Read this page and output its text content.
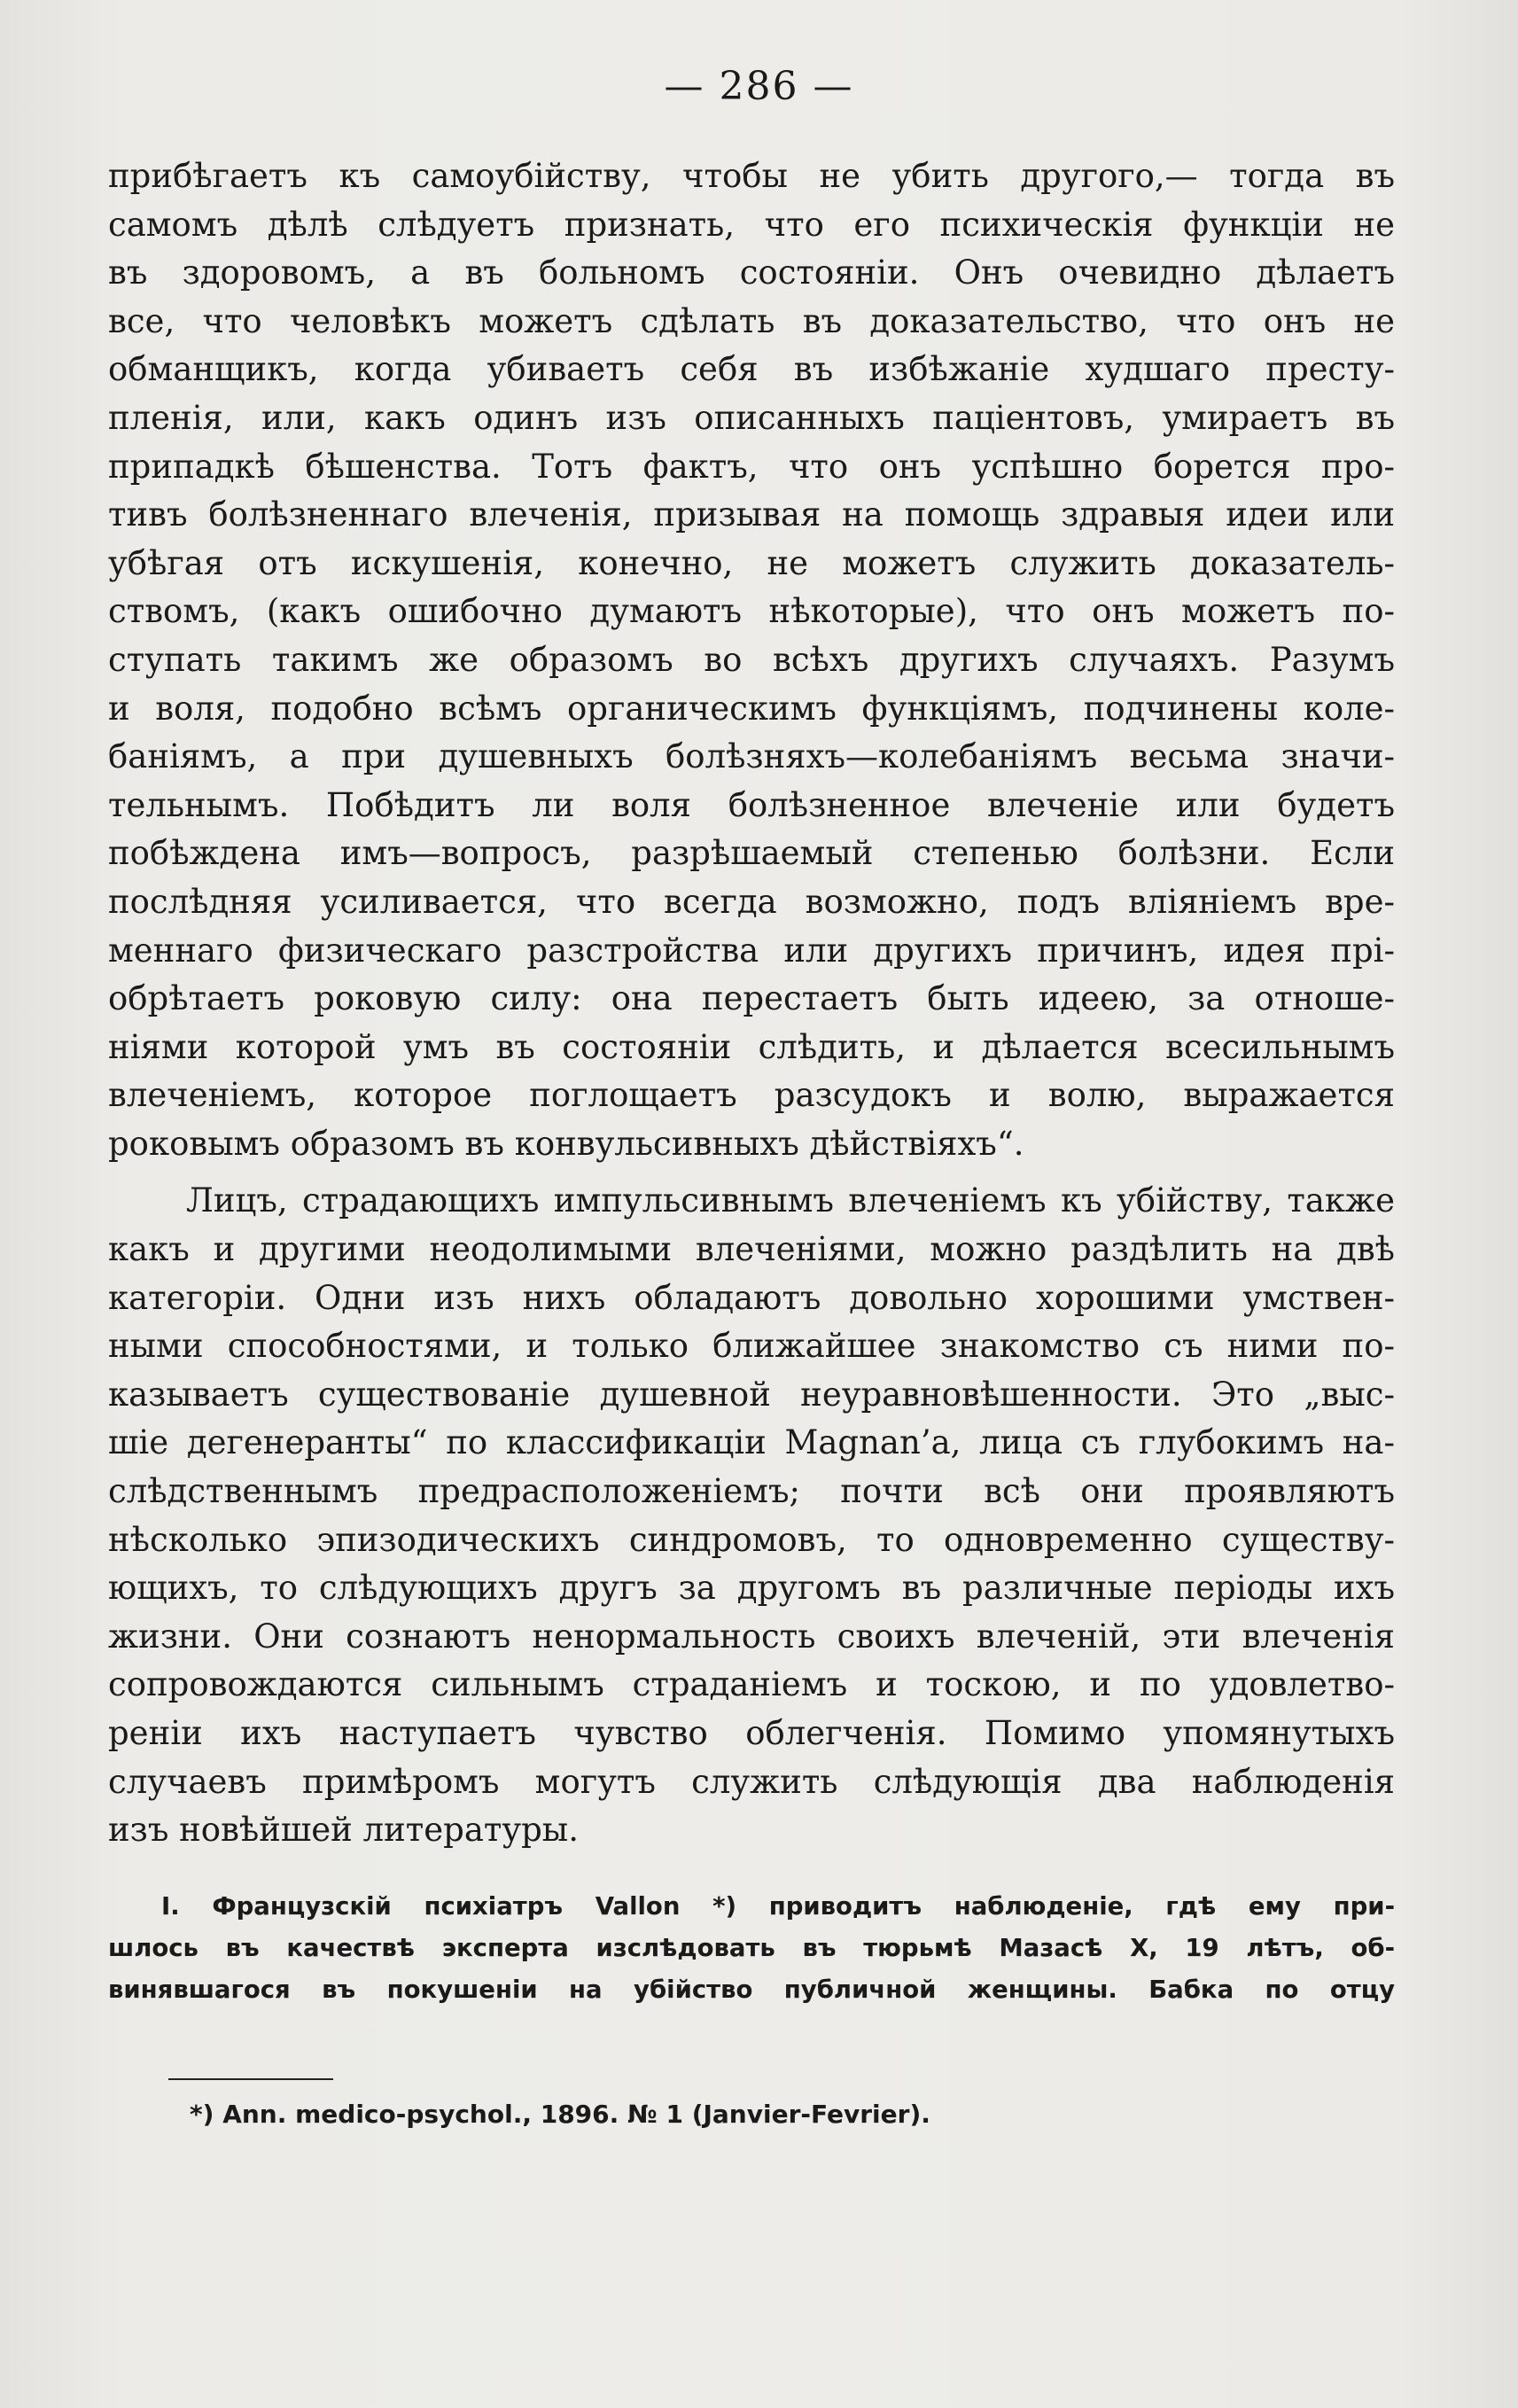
— 286 —

прибѣгаетъ къ самоубійству, чтобы не убить другого,— тогда въ
самомъ дѣлѣ слѣдуетъ признать, что его психическія функціи не
въ здоровомъ, а въ больномъ состояніи. Онъ очевидно дѣлаетъ
все, что человѣкъ можетъ сдѣлать въ доказательство, что онъ не
обманщикъ, когда убиваетъ себя въ избѣжаніе худшаго престу-
пленія, или, какъ одинъ изъ описанныхъ паціентовъ, умираетъ въ
припадкѣ бѣшенства. Тотъ фактъ, что онъ успѣшно борется про-
тивъ болѣзненнаго влеченія, призывая на помощь здравыя идеи или
убѣгая отъ искушенія, конечно, не можетъ служить доказатель-
ствомъ, (какъ ошибочно думаютъ нѣкоторые), что онъ можетъ по-
ступать такимъ же образомъ во всѣхъ другихъ случаяхъ. Разумъ
и воля, подобно всѣмъ органическимъ функціямъ, подчинены коле-
баніямъ, а при душевныхъ болѣзняхъ—колебаніямъ весьма значи-
тельнымъ. Побѣдитъ ли воля болѣзненное влеченіе или будетъ
побѣждена имъ—вопросъ, разрѣшаемый степенью болѣзни. Если
послѣдняя усиливается, что всегда возможно, подъ вліяніемъ вре-
меннаго физическаго разстройства или другихъ причинъ, идея прі-
обрѣтаетъ роковую силу: она перестаетъ быть идеею, за отноше-
ніями которой умъ въ состояніи слѣдить, и дѣлается всесильнымъ
влеченіемъ, которое поглощаетъ разсудокъ и волю, выражается
роковымъ образомъ въ конвульсивныхъ дѣйствіяхъ“.

Лицъ, страдающихъ импульсивнымъ влеченіемъ къ убійству, также
какъ и другими неодолимыми влеченіями, можно раздѣлить на двѣ
категоріи. Одни изъ нихъ обладаютъ довольно хорошими умствен-
ными способностями, и только ближайшее знакомство съ ними по-
казываетъ существованіе душевной неуравновѣшенности. Это „выс-
шіе дегенеранты“ по классификаціи Magnan’a, лица съ глубокимъ на-
слѣдственнымъ предрасположеніемъ; почти всѣ они проявляютъ
нѣсколько эпизодическихъ синдромовъ, то одновременно существу-
ющихъ, то слѣдующихъ другъ за другомъ въ различные періоды ихъ
жизни. Они сознаютъ ненормальность своихъ влеченій, эти влеченія
сопровождаются сильнымъ страданіемъ и тоскою, и по удовлетво-
реніи ихъ наступаетъ чувство облегченія. Помимо упомянутыхъ
случаевъ примѣромъ могутъ служить слѣдующія два наблюденія
изъ новѣйшей литературы.

I. Французскій психіатръ Vallon *) приводитъ наблюденіе, гдѣ ему при-
шлось въ качествѣ эксперта изслѣдовать въ тюрьмѣ Мазасѣ X, 19 лѣтъ, об-
винявшагося въ покушеніи на убійство публичной женщины. Бабка по отцу
*) Ann. medico-psychol., 1896. № 1 (Janvier-Fevrier).
